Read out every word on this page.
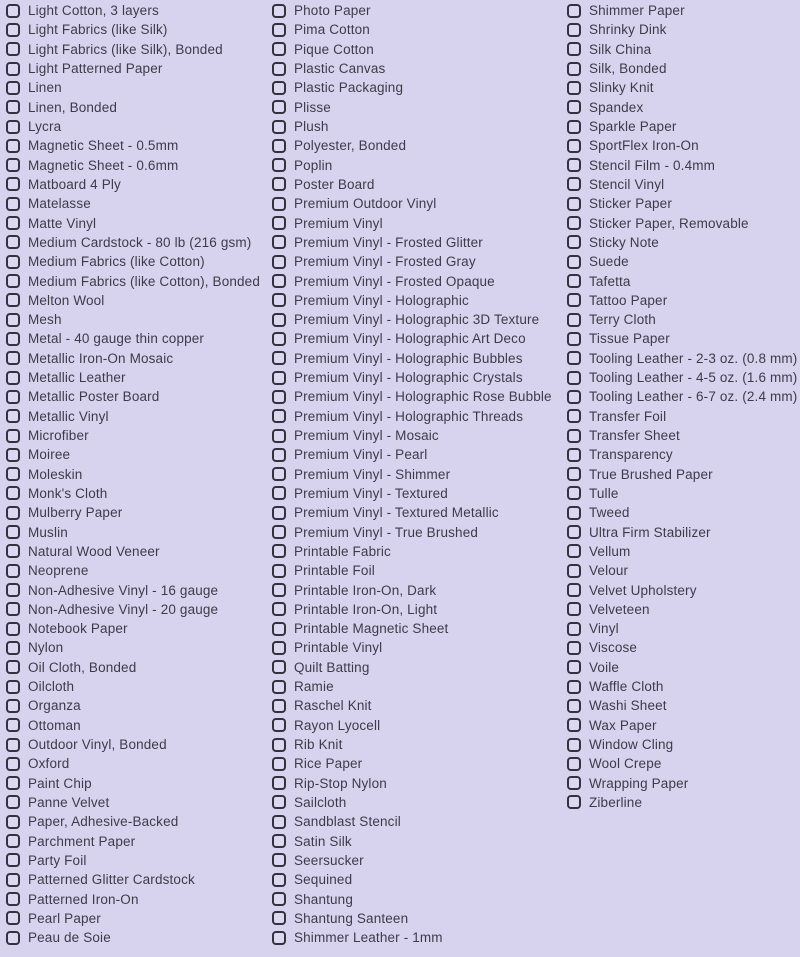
Light Cotton, 3 layers
Light Fabrics (like Silk)
Light Fabrics (like Silk), Bonded
Light Patterned Paper
Linen
Linen, Bonded
Lycra
Magnetic Sheet - 0.5mm
Magnetic Sheet - 0.6mm
Matboard 4 Ply
Matelasse
Matte Vinyl
Medium Cardstock - 80 lb (216 gsm)
Medium Fabrics (like Cotton)
Medium Fabrics (like Cotton), Bonded
Melton Wool
Mesh
Metal - 40 gauge thin copper
Metallic Iron-On Mosaic
Metallic Leather
Metallic Poster Board
Metallic Vinyl
Microfiber
Moiree
Moleskin
Monk's Cloth
Mulberry Paper
Muslin
Natural Wood Veneer
Neoprene
Non-Adhesive Vinyl - 16 gauge
Non-Adhesive Vinyl - 20 gauge
Notebook Paper
Nylon
Oil Cloth, Bonded
Oilcloth
Organza
Ottoman
Outdoor Vinyl, Bonded
Oxford
Paint Chip
Panne Velvet
Paper, Adhesive-Backed
Parchment Paper
Party Foil
Patterned Glitter Cardstock
Patterned Iron-On
Pearl Paper
Peau de Soie
Photo Paper
Pima Cotton
Pique Cotton
Plastic Canvas
Plastic Packaging
Plisse
Plush
Polyester, Bonded
Poplin
Poster Board
Premium Outdoor Vinyl
Premium Vinyl
Premium Vinyl - Frosted Glitter
Premium Vinyl - Frosted Gray
Premium Vinyl - Frosted Opaque
Premium Vinyl - Holographic
Premium Vinyl - Holographic 3D Texture
Premium Vinyl - Holographic Art Deco
Premium Vinyl - Holographic Bubbles
Premium Vinyl - Holographic Crystals
Premium Vinyl - Holographic Rose Bubble
Premium Vinyl - Holographic Threads
Premium Vinyl - Mosaic
Premium Vinyl - Pearl
Premium Vinyl - Shimmer
Premium Vinyl - Textured
Premium Vinyl - Textured Metallic
Premium Vinyl - True Brushed
Printable Fabric
Printable Foil
Printable Iron-On, Dark
Printable Iron-On, Light
Printable Magnetic Sheet
Printable Vinyl
Quilt Batting
Ramie
Raschel Knit
Rayon Lyocell
Rib Knit
Rice Paper
Rip-Stop Nylon
Sailcloth
Sandblast Stencil
Satin Silk
Seersucker
Sequined
Shantung
Shantung Santeen
Shimmer Leather - 1mm
Shimmer Paper
Shrinky Dink
Silk China
Silk, Bonded
Slinky Knit
Spandex
Sparkle Paper
SportFlex Iron-On
Stencil Film - 0.4mm
Stencil Vinyl
Sticker Paper
Sticker Paper, Removable
Sticky Note
Suede
Tafetta
Tattoo Paper
Terry Cloth
Tissue Paper
Tooling Leather - 2-3 oz. (0.8 mm)
Tooling Leather - 4-5 oz. (1.6 mm)
Tooling Leather - 6-7 oz. (2.4 mm)
Transfer Foil
Transfer Sheet
Transparency
True Brushed Paper
Tulle
Tweed
Ultra Firm Stabilizer
Vellum
Velour
Velvet Upholstery
Velveteen
Vinyl
Viscose
Voile
Waffle Cloth
Washi Sheet
Wax Paper
Window Cling
Wool Crepe
Wrapping Paper
Ziberline
